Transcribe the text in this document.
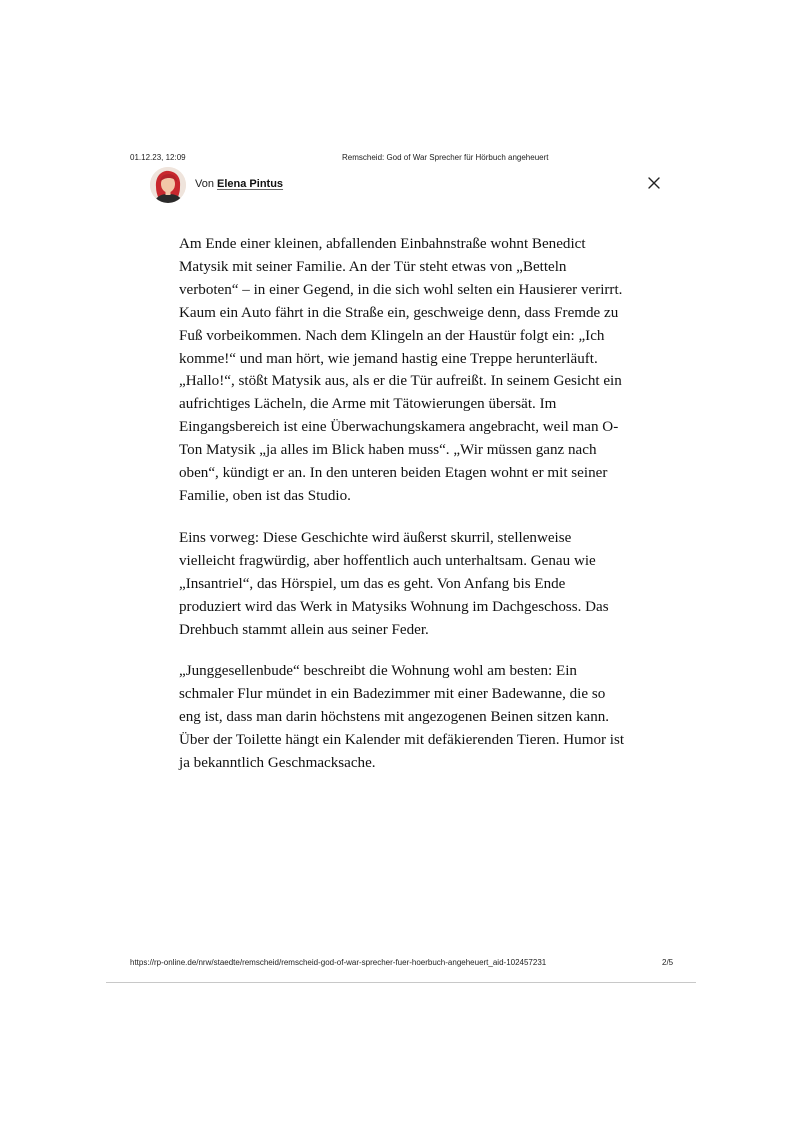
01.12.23, 12:09	Remscheid: God of War Sprecher für Hörbuch angeheuert
Von Elena Pintus

Am Ende einer kleinen, abfallenden Einbahnstraße wohnt Benedict Matysik mit seiner Familie. An der Tür steht etwas von „Betteln verboten“ – in einer Gegend, in die sich wohl selten ein Hausierer verirrt. Kaum ein Auto fährt in die Straße ein, geschweige denn, dass Fremde zu Fuß vorbeikommen. Nach dem Klingeln an der Haustür folgt ein: „Ich komme!“ und man hört, wie jemand hastig eine Treppe herunterläuft. „Hallo!“, stößt Matysik aus, als er die Tür aufreißt. In seinem Gesicht ein aufrichtiges Lächeln, die Arme mit Tätowierungen übersät. Im Eingangsbereich ist eine Überwachungskamera angebracht, weil man O-Ton Matysik „ja alles im Blick haben muss“. „Wir müssen ganz nach oben“, kündigt er an. In den unteren beiden Etagen wohnt er mit seiner Familie, oben ist das Studio.

Eins vorweg: Diese Geschichte wird äußerst skurril, stellenweise vielleicht fragwürdig, aber hoffentlich auch unterhaltsam. Genau wie „Insantriel“, das Hörspiel, um das es geht. Von Anfang bis Ende produziert wird das Werk in Matysiks Wohnung im Dachgeschoss. Das Drehbuch stammt allein aus seiner Feder.

„Junggesellenbude“ beschreibt die Wohnung wohl am besten: Ein schmaler Flur mündet in ein Badezimmer mit einer Badewanne, die so eng ist, dass man darin höchstens mit angezogenen Beinen sitzen kann. Über der Toilette hängt ein Kalender mit defäkierenden Tieren. Humor ist ja bekanntlich Geschmacksache.

https://rp-online.de/nrw/staedte/remscheid/remscheid-god-of-war-sprecher-fuer-hoerbuch-angeheuert_aid-102457231	2/5
